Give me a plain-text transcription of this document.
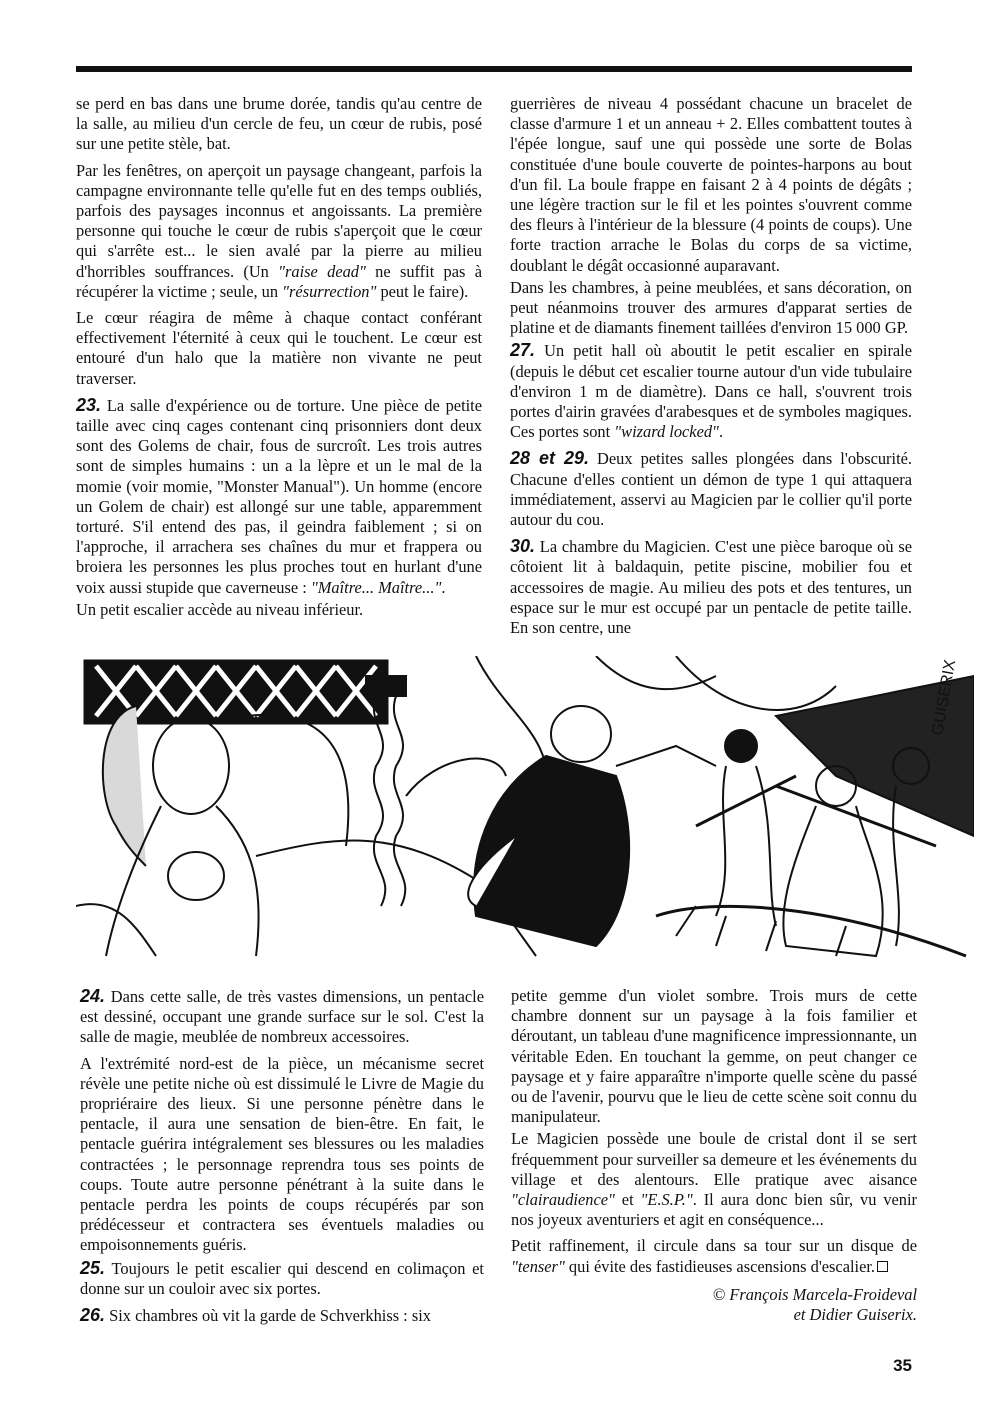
se perd en bas dans une brume dorée, tandis qu'au centre de la salle, au milieu d'un cercle de feu, un cœur de rubis, posé sur une petite stèle, bat.

Par les fenêtres, on aperçoit un paysage changeant, parfois la campagne environnante telle qu'elle fut en des temps oubliés, parfois des paysages inconnus et angoissants. La première personne qui touche le cœur de rubis s'aperçoit que le cœur qui s'arrête est... le sien avalé par la pierre au milieu d'horribles souffrances. (Un "raise dead" ne suffit pas à récupérer la victime ; seule, un "résurrection" peut le faire).

Le cœur réagira de même à chaque contact conférant effectivement l'éternité à ceux qui le touchent. Le cœur est entouré d'un halo que la matière non vivante ne peut traverser.

23. La salle d'expérience ou de torture. Une pièce de petite taille avec cinq cages contenant cinq prisonniers dont deux sont des Golems de chair, fous de surcroît. Les trois autres sont de simples humains : un a la lèpre et un le mal de la momie (voir momie, "Monster Manual"). Un homme (encore un Golem de chair) est allongé sur une table, apparemment torturé. S'il entend des pas, il geindra faiblement ; si on l'approche, il arrachera ses chaînes du mur et frappera ou broiera les personnes les plus proches tout en hurlant d'une voix aussi stupide que caverneuse : "Maître... Maître...".

Un petit escalier accède au niveau inférieur.

guerrières de niveau 4 possédant chacune un bracelet de classe d'armure 1 et un anneau + 2. Elles combattent toutes à l'épée longue, sauf une qui possède une sorte de Bolas constituée d'une boule couverte de pointes-harpons au bout d'un fil. La boule frappe en faisant 2 à 4 points de dégâts ; une légère traction sur le fil et les pointes s'ouvrent comme des fleurs à l'intérieur de la blessure (4 points de coups). Une forte traction arrache le Bolas du corps de sa victime, doublant le dégât occasionné auparavant.

Dans les chambres, à peine meublées, et sans décoration, on peut néanmoins trouver des armures d'apparat serties de platine et de diamants finement taillées d'environ 15 000 GP.

27. Un petit hall où aboutit le petit escalier en spirale (depuis le début cet escalier tourne autour d'un vide tubulaire d'environ 1 m de diamètre). Dans ce hall, s'ouvrent trois portes d'airin gravées d'arabesques et de symboles magiques. Ces portes sont "wizard locked".

28 et 29. Deux petites salles plongées dans l'obscurité. Chacune d'elles contient un démon de type 1 qui attaquera immédiatement, asservi au Magicien par le collier qu'il porte autour du cou.

30. La chambre du Magicien. C'est une pièce baroque où se côtoient lit à baldaquin, petite piscine, mobilier fou et accessoires de magie. Au milieu des pots et des tentures, un espace sur le mur est occupé par un pentacle de petite taille. En son centre, une

GUISERIX

24. Dans cette salle, de très vastes dimensions, un pentacle est dessiné, occupant une grande surface sur le sol. C'est la salle de magie, meublée de nombreux accessoires.

A l'extrémité nord-est de la pièce, un mécanisme secret révèle une petite niche où est dissimulé le Livre de Magie du propriéraire des lieux. Si une personne pénètre dans le pentacle, il aura une sensation de bien-être. En fait, le pentacle guérira intégralement ses blessures ou les maladies contractées ; le personnage reprendra tous ses points de coups. Toute autre personne pénétrant à la suite dans le pentacle perdra les points de coups récupérés par son prédécesseur et contractera ses éventuels maladies ou empoisonnements guéris.

25. Toujours le petit escalier qui descend en colimaçon et donne sur un couloir avec six portes.

26. Six chambres où vit la garde de Schverkhiss : six

petite gemme d'un violet sombre. Trois murs de cette chambre donnent sur un paysage à la fois familier et déroutant, un tableau d'une magnificence impressionnante, un véritable Eden. En touchant la gemme, on peut changer ce paysage et y faire apparaître n'importe quelle scène du passé ou de l'avenir, pourvu que le lieu de cette scène soit connu du manipulateur.

Le Magicien possède une boule de cristal dont il se sert fréquemment pour surveiller sa demeure et les événements du village et des alentours. Elle pratique avec aisance "clairaudience" et "E.S.P.". Il aura donc bien sûr, vu venir nos joyeux aventuriers et agit en conséquence...

Petit raffinement, il circule dans sa tour sur un disque de "tenser" qui évite des fastidieuses ascensions d'escalier.

© François Marcela-Froideval
et Didier Guiserix.
35
